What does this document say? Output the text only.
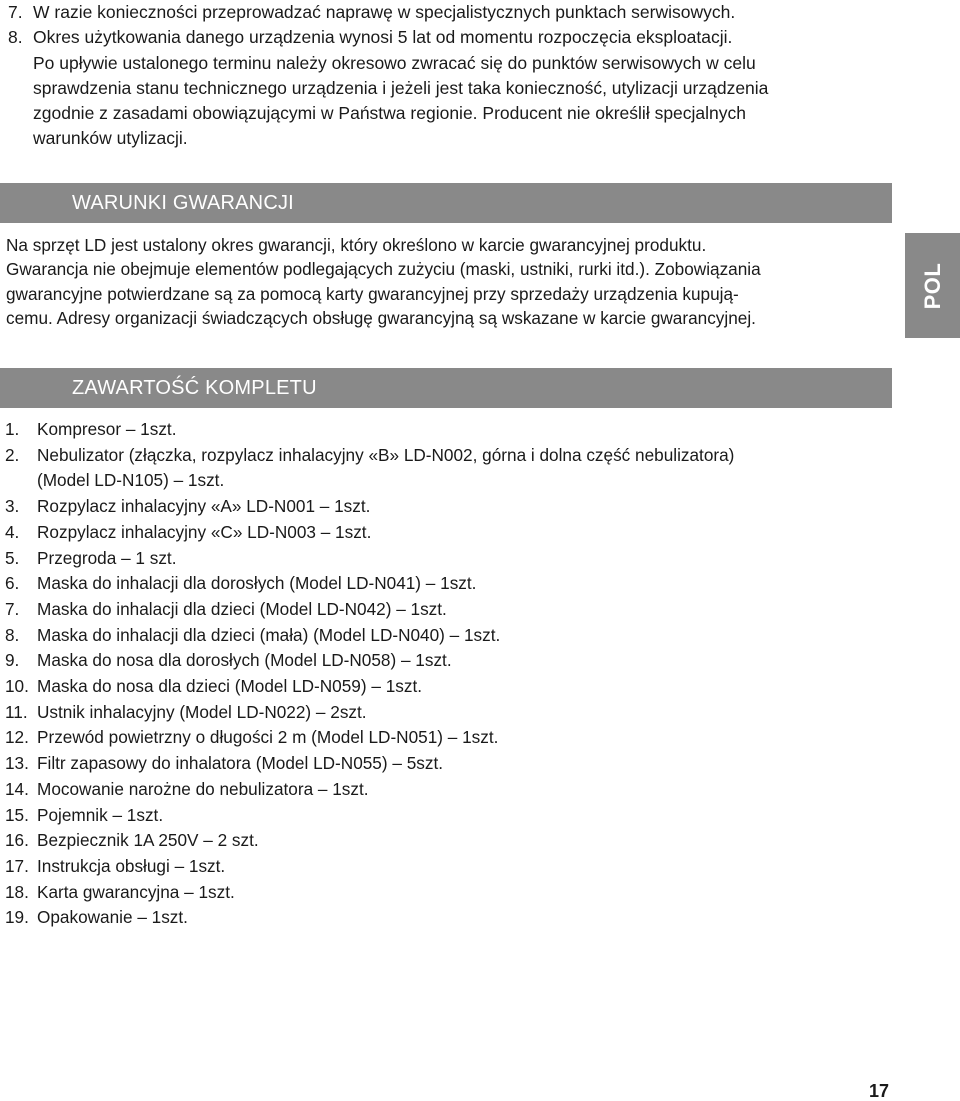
7. W razie konieczności przeprowadzać naprawę w specjalistycznych punktach serwisowych.
8. Okres użytkowania danego urządzenia wynosi 5 lat od momentu rozpoczęcia eksploatacji.
Po upływie ustalonego terminu należy okresowo zwracać się do punktów serwisowych w celu
sprawdzenia stanu technicznego urządzenia i jeżeli jest taka konieczność, utylizacji urządzenia
zgodnie z zasadami obowiązującymi w Państwa regionie. Producent nie określił specjalnych
warunków utylizacji.
WARUNKI GWARANCJI
Na sprzęt LD jest ustalony okres gwarancji, który określono w karcie gwarancyjnej produktu.
Gwarancja nie obejmuje elementów podlegających zużyciu (maski, ustniki, rurki itd.). Zobowiązania
gwarancyjne potwierdzane są za pomocą karty gwarancyjnej przy sprzedaży urządzenia kupują-
cemu. Adresy organizacji świadczących obsługę gwarancyjną są wskazane w karcie gwarancyjnej.
POL
ZAWARTOŚĆ KOMPLETU
1.	Kompresor – 1szt.
2.	Nebulizator (złączka, rozpylacz inhalacyjny «B» LD-N002, górna i dolna część nebulizatora)
(Model LD-N105) – 1szt.
3.	Rozpylacz inhalacyjny «A» LD-N001 – 1szt.
4.	Rozpylacz inhalacyjny «C» LD-N003 – 1szt.
5.	Przegroda – 1 szt.
6.	Maska do inhalacji dla dorosłych (Model LD-N041) – 1szt.
7.	Maska do inhalacji dla dzieci (Model LD-N042) – 1szt.
8.	Maska do inhalacji dla dzieci (mała) (Model LD-N040) – 1szt.
9.	Maska do nosa dla dorosłych (Model LD-N058) – 1szt.
10. Maska do nosa dla dzieci (Model LD-N059) – 1szt.
11. Ustnik inhalacyjny (Model LD-N022) – 2szt.
12. Przewód powietrzny o długości 2 m (Model LD-N051) – 1szt.
13. Filtr zapasowy do inhalatora (Model LD-N055) – 5szt.
14. Mocowanie narożne do nebulizatora – 1szt.
15. Pojemnik – 1szt.
16. Bezpiecznik 1A 250V – 2 szt.
17. Instrukcja obsługi – 1szt.
18. Karta gwarancyjna – 1szt.
19. Opakowanie – 1szt.
17
